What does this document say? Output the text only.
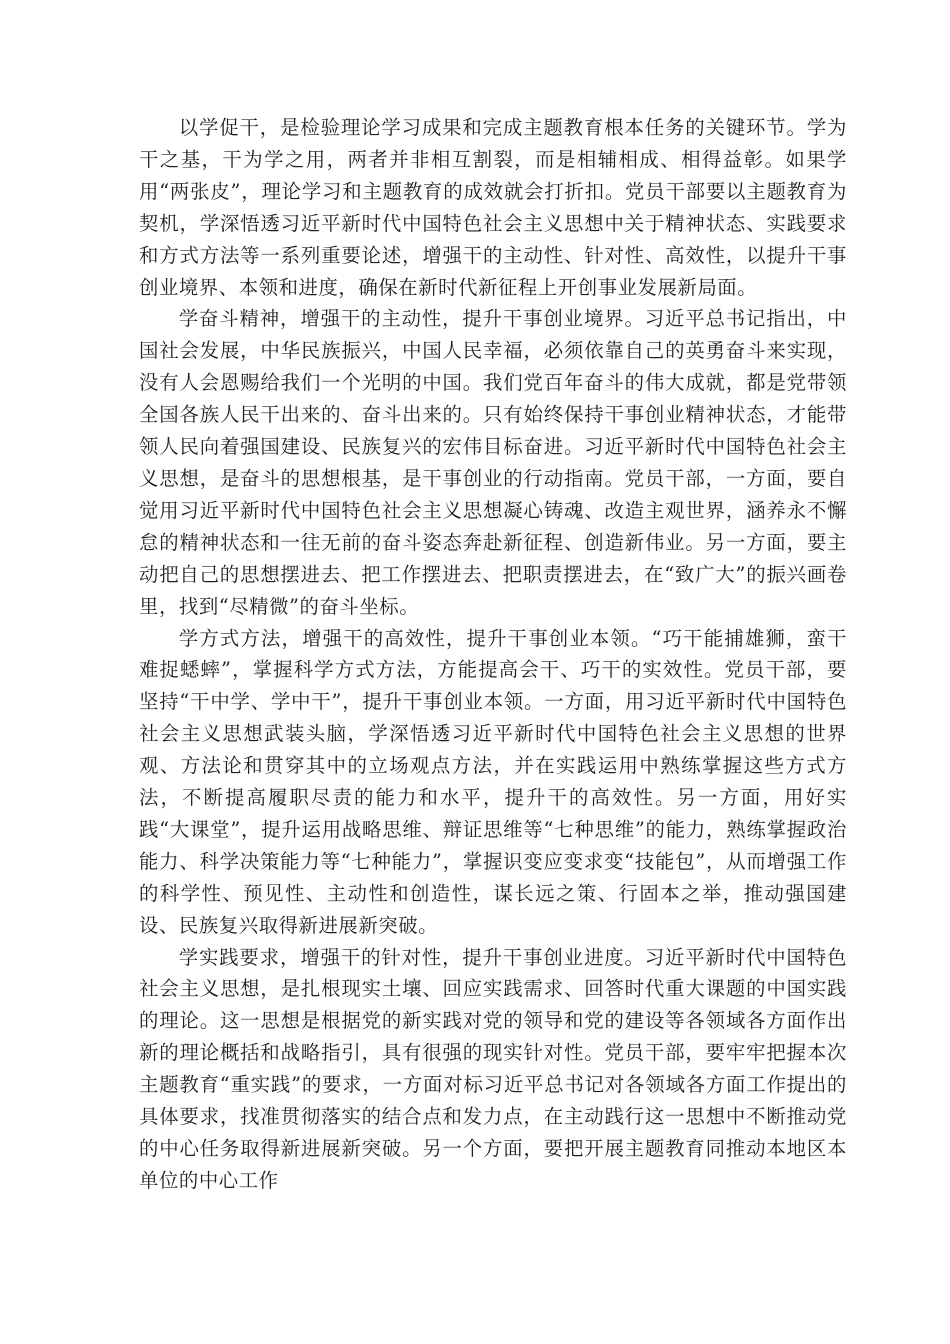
以学促干，是检验理论学习成果和完成主题教育根本任务的关键环节。学为干之基，干为学之用，两者并非相互割裂，而是相辅相成、相得益彰。如果学用“两张皮”，理论学习和主题教育的成效就会打折扣。党员干部要以主题教育为契机，学深悟透习近平新时代中国特色社会主义思想中关于精神状态、实践要求和方式方法等一系列重要论述，增强干的主动性、针对性、高效性，以提升干事创业境界、本领和进度，确保在新时代新征程上开创事业发展新局面。

学奋斗精神，增强干的主动性，提升干事创业境界。习近平总书记指出，中国社会发展，中华民族振兴，中国人民幸福，必须依靠自己的英勇奋斗来实现，没有人会恩赐给我们一个光明的中国。我们党百年奋斗的伟大成就，都是党带领全国各族人民干出来的、奋斗出来的。只有始终保持干事创业精神状态，才能带领人民向着强国建设、民族复兴的宏伟目标奋进。习近平新时代中国特色社会主义思想，是奋斗的思想根基，是干事创业的行动指南。党员干部，一方面，要自觉用习近平新时代中国特色社会主义思想凝心铸魂、改造主观世界，涵养永不懈怠的精神状态和一往无前的奋斗姿态奔赴新征程、创造新伟业。另一方面，要主动把自己的思想摆进去、把工作摆进去、把职责摆进去，在“致广大”的振兴画卷里，找到“尽精微”的奋斗坐标。

学方式方法，增强干的高效性，提升干事创业本领。“巧干能捕雄狮，蛮干难捉蟋蟀”，掌握科学方式方法，方能提高会干、巧干的实效性。党员干部，要坚持“干中学、学中干”，提升干事创业本领。一方面，用习近平新时代中国特色社会主义思想武装头脑，学深悟透习近平新时代中国特色社会主义思想的世界观、方法论和贯穿其中的立场观点方法，并在实践运用中熟练掌握这些方式方法，不断提高履职尽责的能力和水平，提升干的高效性。另一方面，用好实践“大课堂”，提升运用战略思维、辩证思维等“七种思维”的能力，熟练掌握政治能力、科学决策能力等“七种能力”，掌握识变应变求变“技能包”，从而增强工作的科学性、预见性、主动性和创造性，谋长远之策、行固本之举，推动强国建设、民族复兴取得新进展新突破。

学实践要求，增强干的针对性，提升干事创业进度。习近平新时代中国特色社会主义思想，是扎根现实土壤、回应实践需求、回答时代重大课题的中国实践的理论。这一思想是根据党的新实践对党的领导和党的建设等各领域各方面作出新的理论概括和战略指引，具有很强的现实针对性。党员干部，要牢牢把握本次主题教育“重实践”的要求，一方面对标习近平总书记对各领域各方面工作提出的具体要求，找准贯彻落实的结合点和发力点，在主动践行这一思想中不断推动党的中心任务取得新进展新突破。另一个方面，要把开展主题教育同推动本地区本单位的中心工作
